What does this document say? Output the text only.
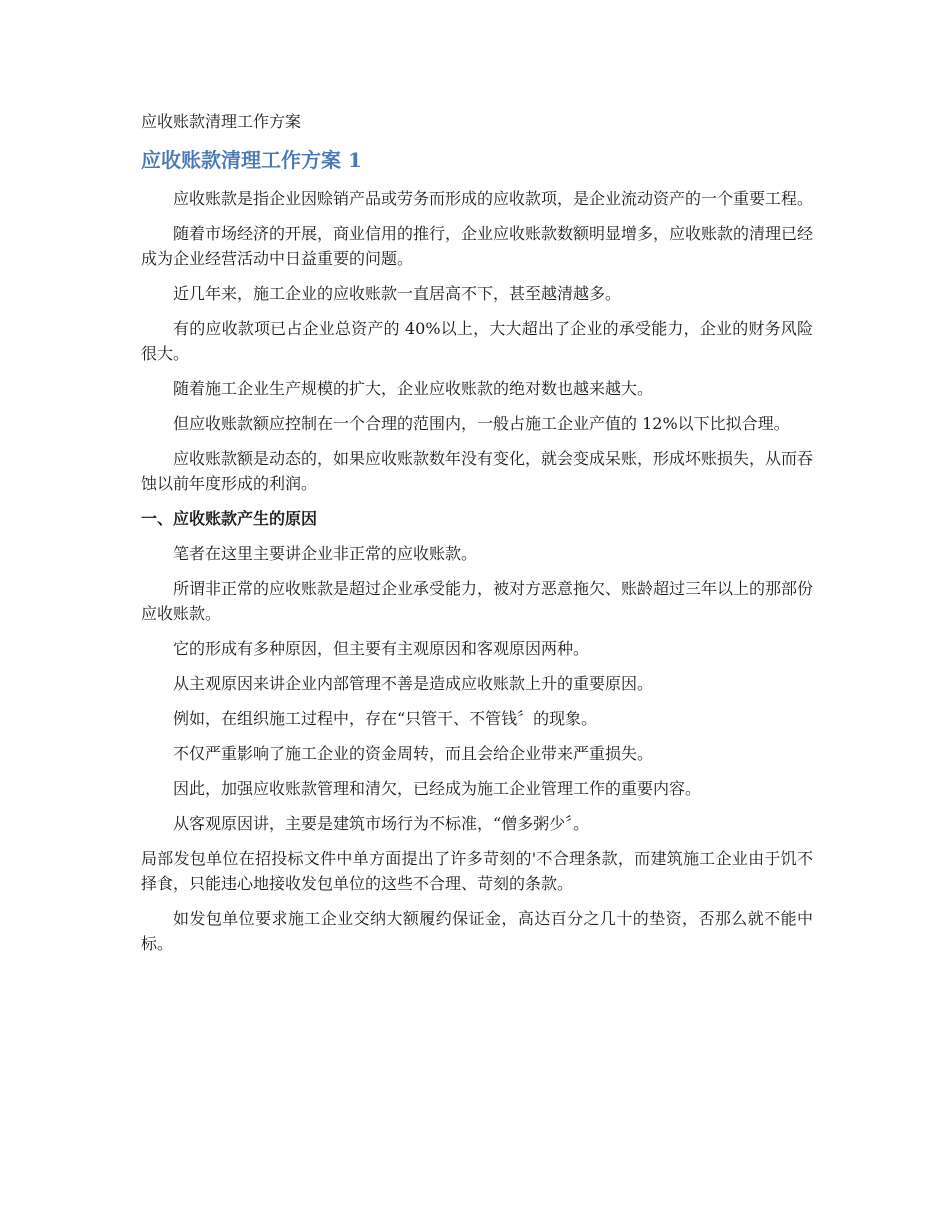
应收账款清理工作方案
应收账款清理工作方案 1

应收账款是指企业因赊销产品或劳务而形成的应收款项，是企业流动资产的一个重要工程。

随着市场经济的开展，商业信用的推行，企业应收账款数额明显增多，应收账款的清理已经成为企业经营活动中日益重要的问题。

近几年来，施工企业的应收账款一直居高不下，甚至越清越多。

有的应收款项已占企业总资产的 40%以上，大大超出了企业的承受能力，企业的财务风险很大。

随着施工企业生产规模的扩大，企业应收账款的绝对数也越来越大。

但应收账款额应控制在一个合理的范围内，一般占施工企业产值的 12%以下比拟合理。

应收账款额是动态的，如果应收账款数年没有变化，就会变成呆账，形成坏账损失，从而吞蚀以前年度形成的利润。

一、应收账款产生的原因

笔者在这里主要讲企业非正常的应收账款。

所谓非正常的应收账款是超过企业承受能力，被对方恶意拖欠、账龄超过三年以上的那部份应收账款。

它的形成有多种原因，但主要有主观原因和客观原因两种。

从主观原因来讲企业内部管理不善是造成应收账款上升的重要原因。

例如，在组织施工过程中，存在“只管干、不管钱〞的现象。

不仅严重影响了施工企业的资金周转，而且会给企业带来严重损失。

因此，加强应收账款管理和清欠，已经成为施工企业管理工作的重要内容。

从客观原因讲，主要是建筑市场行为不标准，“僧多粥少〞。

局部发包单位在招投标文件中单方面提出了许多苛刻的'不合理条款，而建筑施工企业由于饥不择食，只能违心地接收发包单位的这些不合理、苛刻的条款。

如发包单位要求施工企业交纳大额履约保证金，高达百分之几十的垫资，否那么就不能中标。
